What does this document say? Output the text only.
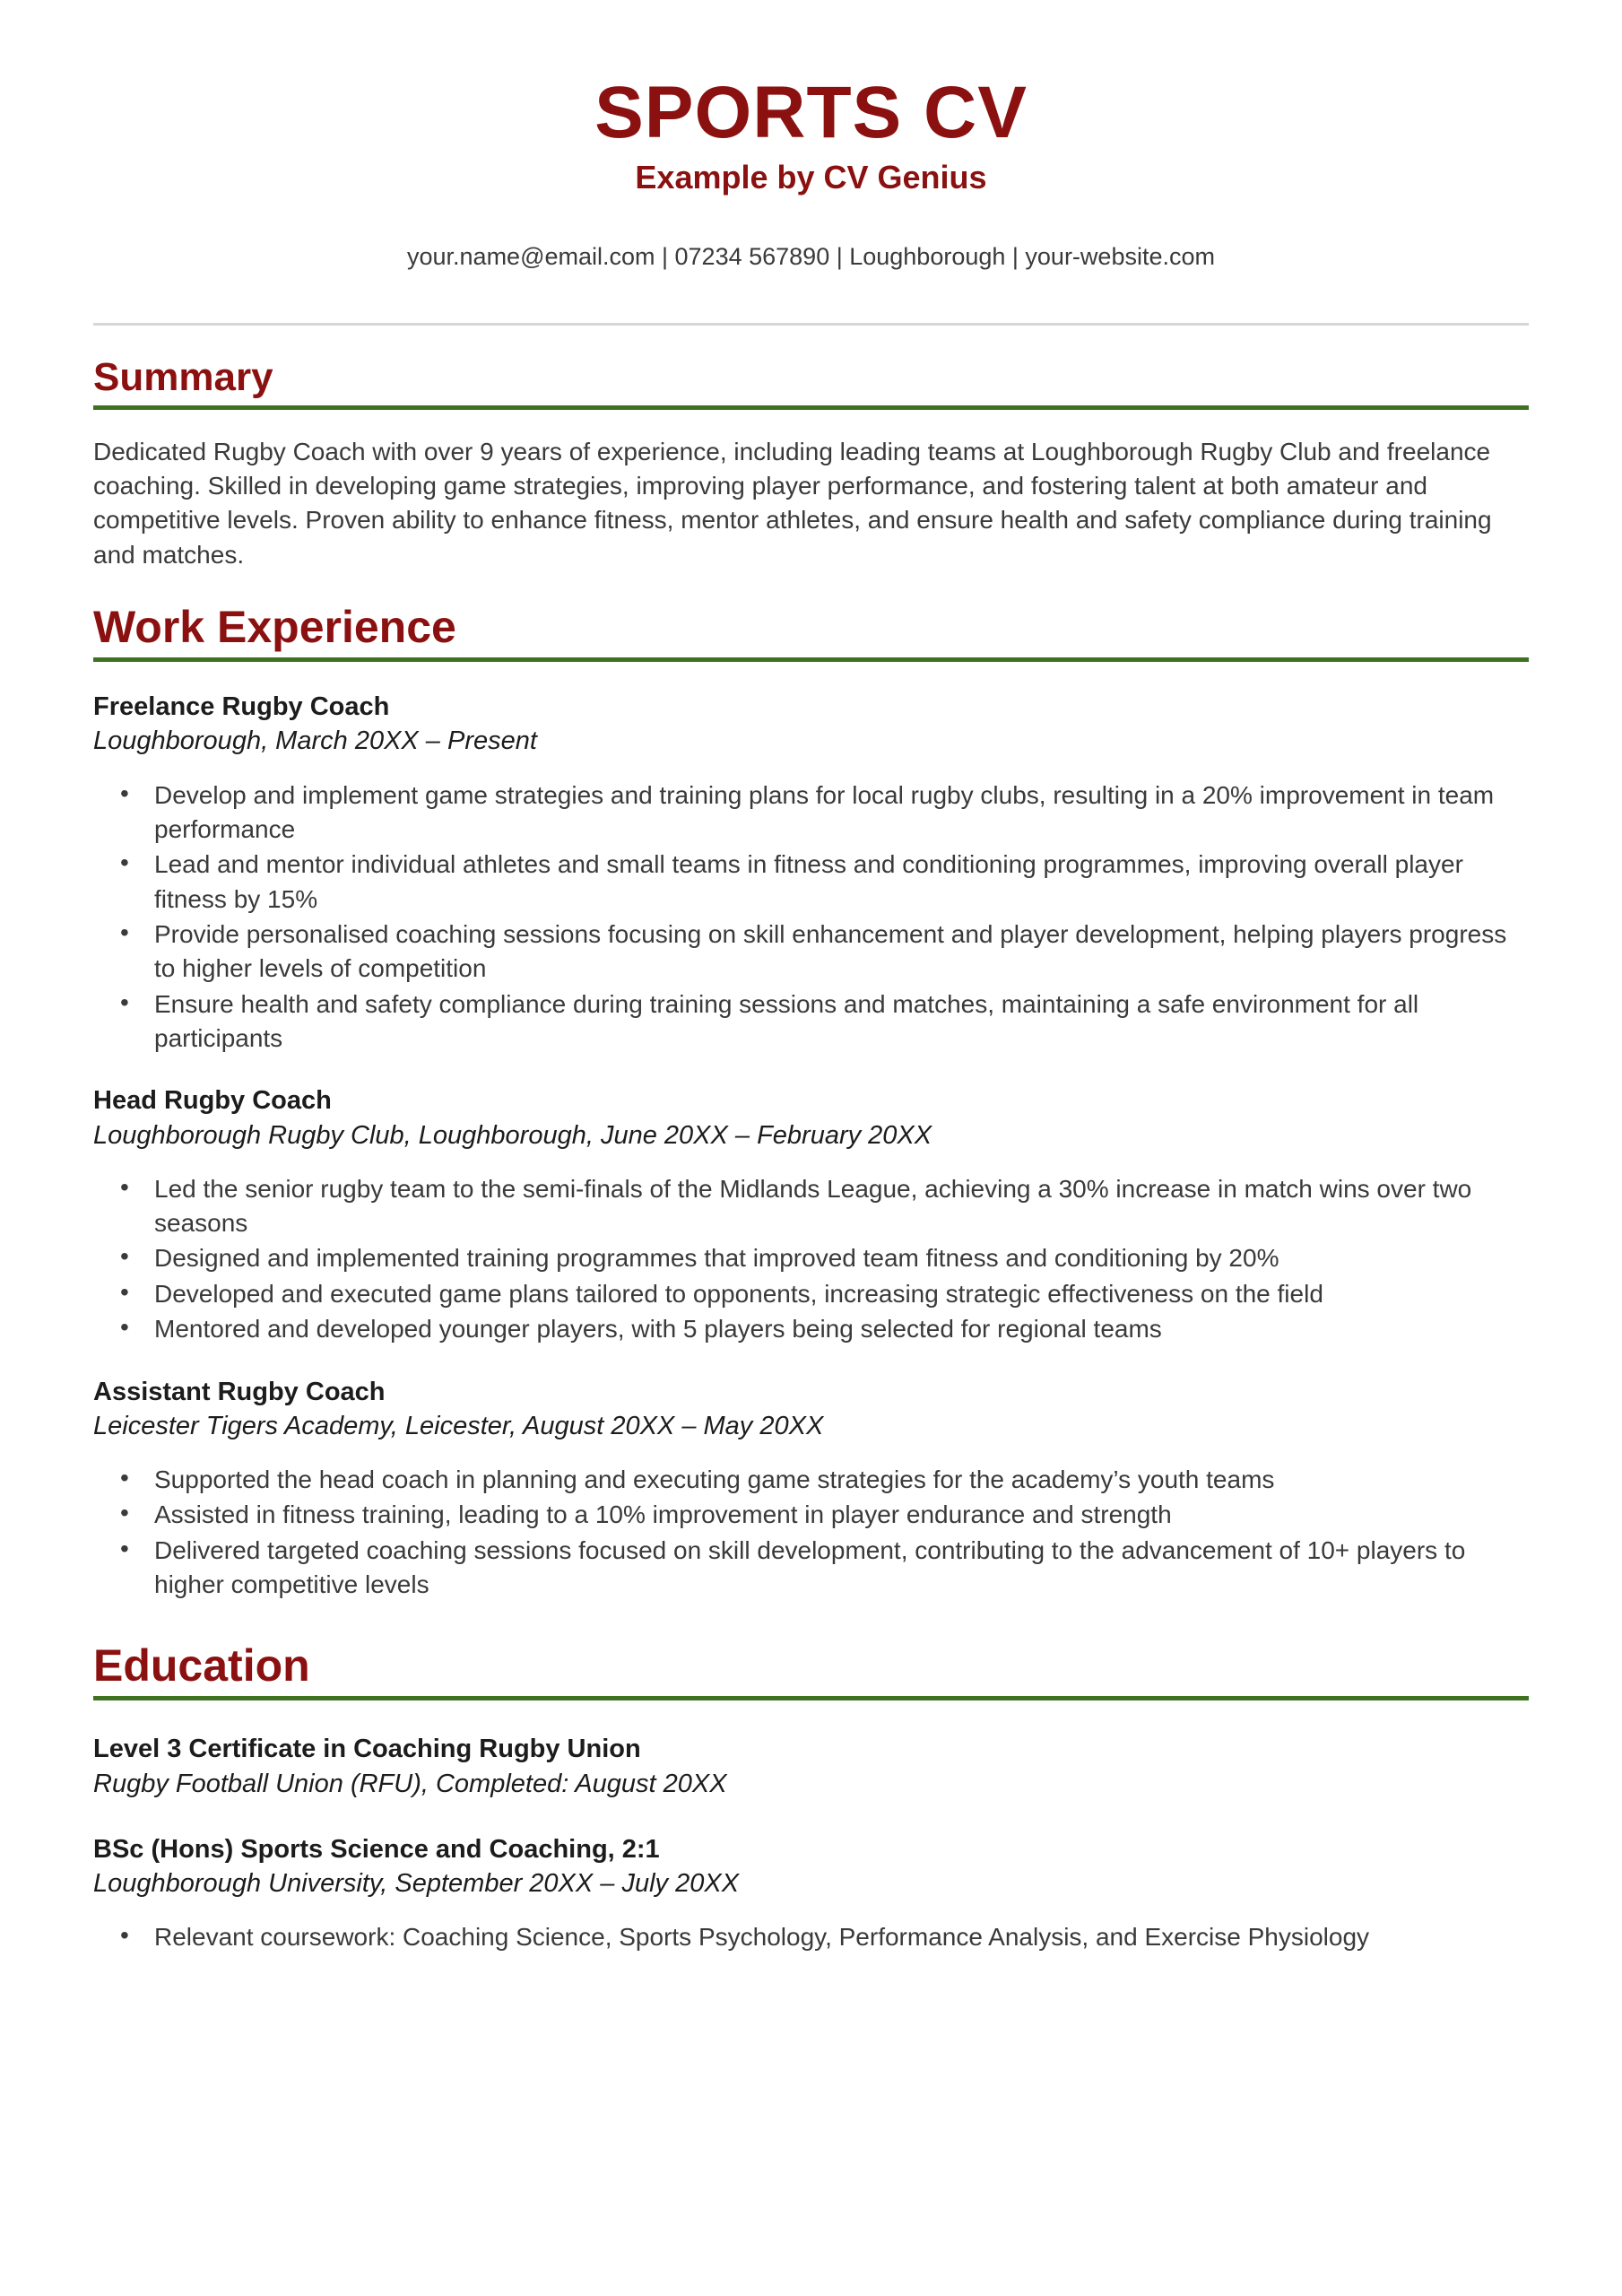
SPORTS CV
Example by CV Genius
your.name@email.com | 07234 567890 | Loughborough | your-website.com
Summary

Dedicated Rugby Coach with over 9 years of experience, including leading teams at Loughborough Rugby Club and freelance coaching. Skilled in developing game strategies, improving player performance, and fostering talent at both amateur and competitive levels. Proven ability to enhance fitness, mentor athletes, and ensure health and safety compliance during training and matches.

Work Experience
Freelance Rugby Coach
Loughborough, March 20XX – Present
• Develop and implement game strategies and training plans for local rugby clubs, resulting in a 20% improvement in team performance
• Lead and mentor individual athletes and small teams in fitness and conditioning programmes, improving overall player fitness by 15%
• Provide personalised coaching sessions focusing on skill enhancement and player development, helping players progress to higher levels of competition
• Ensure health and safety compliance during training sessions and matches, maintaining a safe environment for all participants
Head Rugby Coach
Loughborough Rugby Club, Loughborough, June 20XX – February 20XX
• Led the senior rugby team to the semi-finals of the Midlands League, achieving a 30% increase in match wins over two seasons
• Designed and implemented training programmes that improved team fitness and conditioning by 20%
• Developed and executed game plans tailored to opponents, increasing strategic effectiveness on the field
• Mentored and developed younger players, with 5 players being selected for regional teams
Assistant Rugby Coach
Leicester Tigers Academy, Leicester, August 20XX – May 20XX
• Supported the head coach in planning and executing game strategies for the academy’s youth teams
• Assisted in fitness training, leading to a 10% improvement in player endurance and strength
• Delivered targeted coaching sessions focused on skill development, contributing to the advancement of 10+ players to higher competitive levels
Education
Level 3 Certificate in Coaching Rugby Union
Rugby Football Union (RFU), Completed: August 20XX
BSc (Hons) Sports Science and Coaching, 2:1
Loughborough University, September 20XX – July 20XX
• Relevant coursework: Coaching Science, Sports Psychology, Performance Analysis, and Exercise Physiology
